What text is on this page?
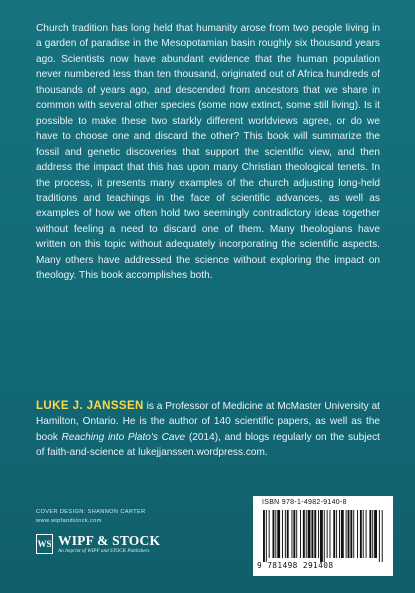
Church tradition has long held that humanity arose from two people living in a garden of paradise in the Mesopotamian basin roughly six thousand years ago. Scientists now have abundant evidence that the human population never numbered less than ten thousand, originated out of Africa hundreds of thousands of years ago, and descended from ancestors that we share in common with several other species (some now extinct, some still living). Is it possible to make these two starkly different worldviews agree, or do we have to choose one and discard the other? This book will summarize the fossil and genetic discoveries that support the scientific view, and then address the impact that this has upon many Christian theological tenets. In the process, it presents many examples of the church adjusting long-held traditions and teachings in the face of scientific advances, as well as examples of how we often hold two seemingly contradictory ideas together without feeling a need to discard one of them. Many theologians have written on this topic without adequately incorporating the scientific aspects. Many others have addressed the science without exploring the impact on theology. This book accomplishes both.

LUKE J. JANSSEN is a Professor of Medicine at McMaster University at Hamilton, Ontario. He is the author of 140 scientific papers, as well as the book Reaching into Plato's Cave (2014), and blogs regularly on the subject of faith-and-science at lukejjanssen.wordpress.com.

COVER DESIGN: SHANNON CARTER
www.wipfandstock.com
WS WIPF & STOCK
An Imprint of WIPF and STOCK Publishers
ISBN 978-1-4982-9140-8
9 781498 291408
